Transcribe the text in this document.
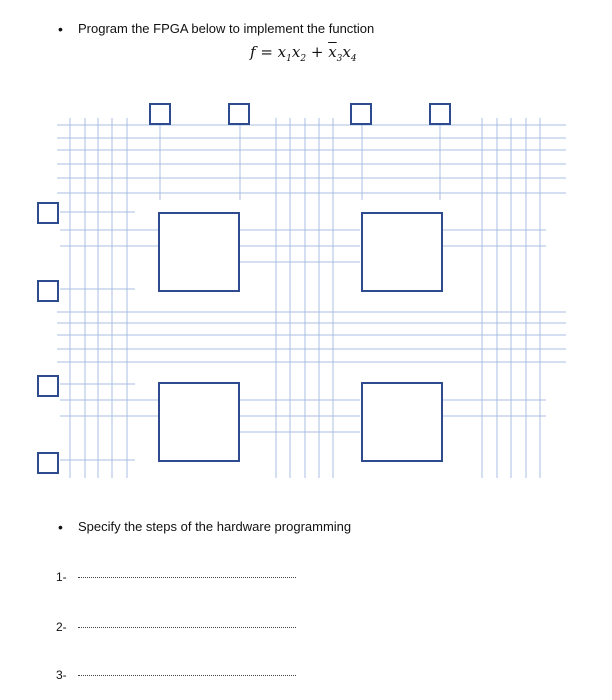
• Program the FPGA below to implement the function
$f = x_1x_2 + \overline{x}_3x_4$
• Specify the steps of the hardware programming
1-
2-
3-
